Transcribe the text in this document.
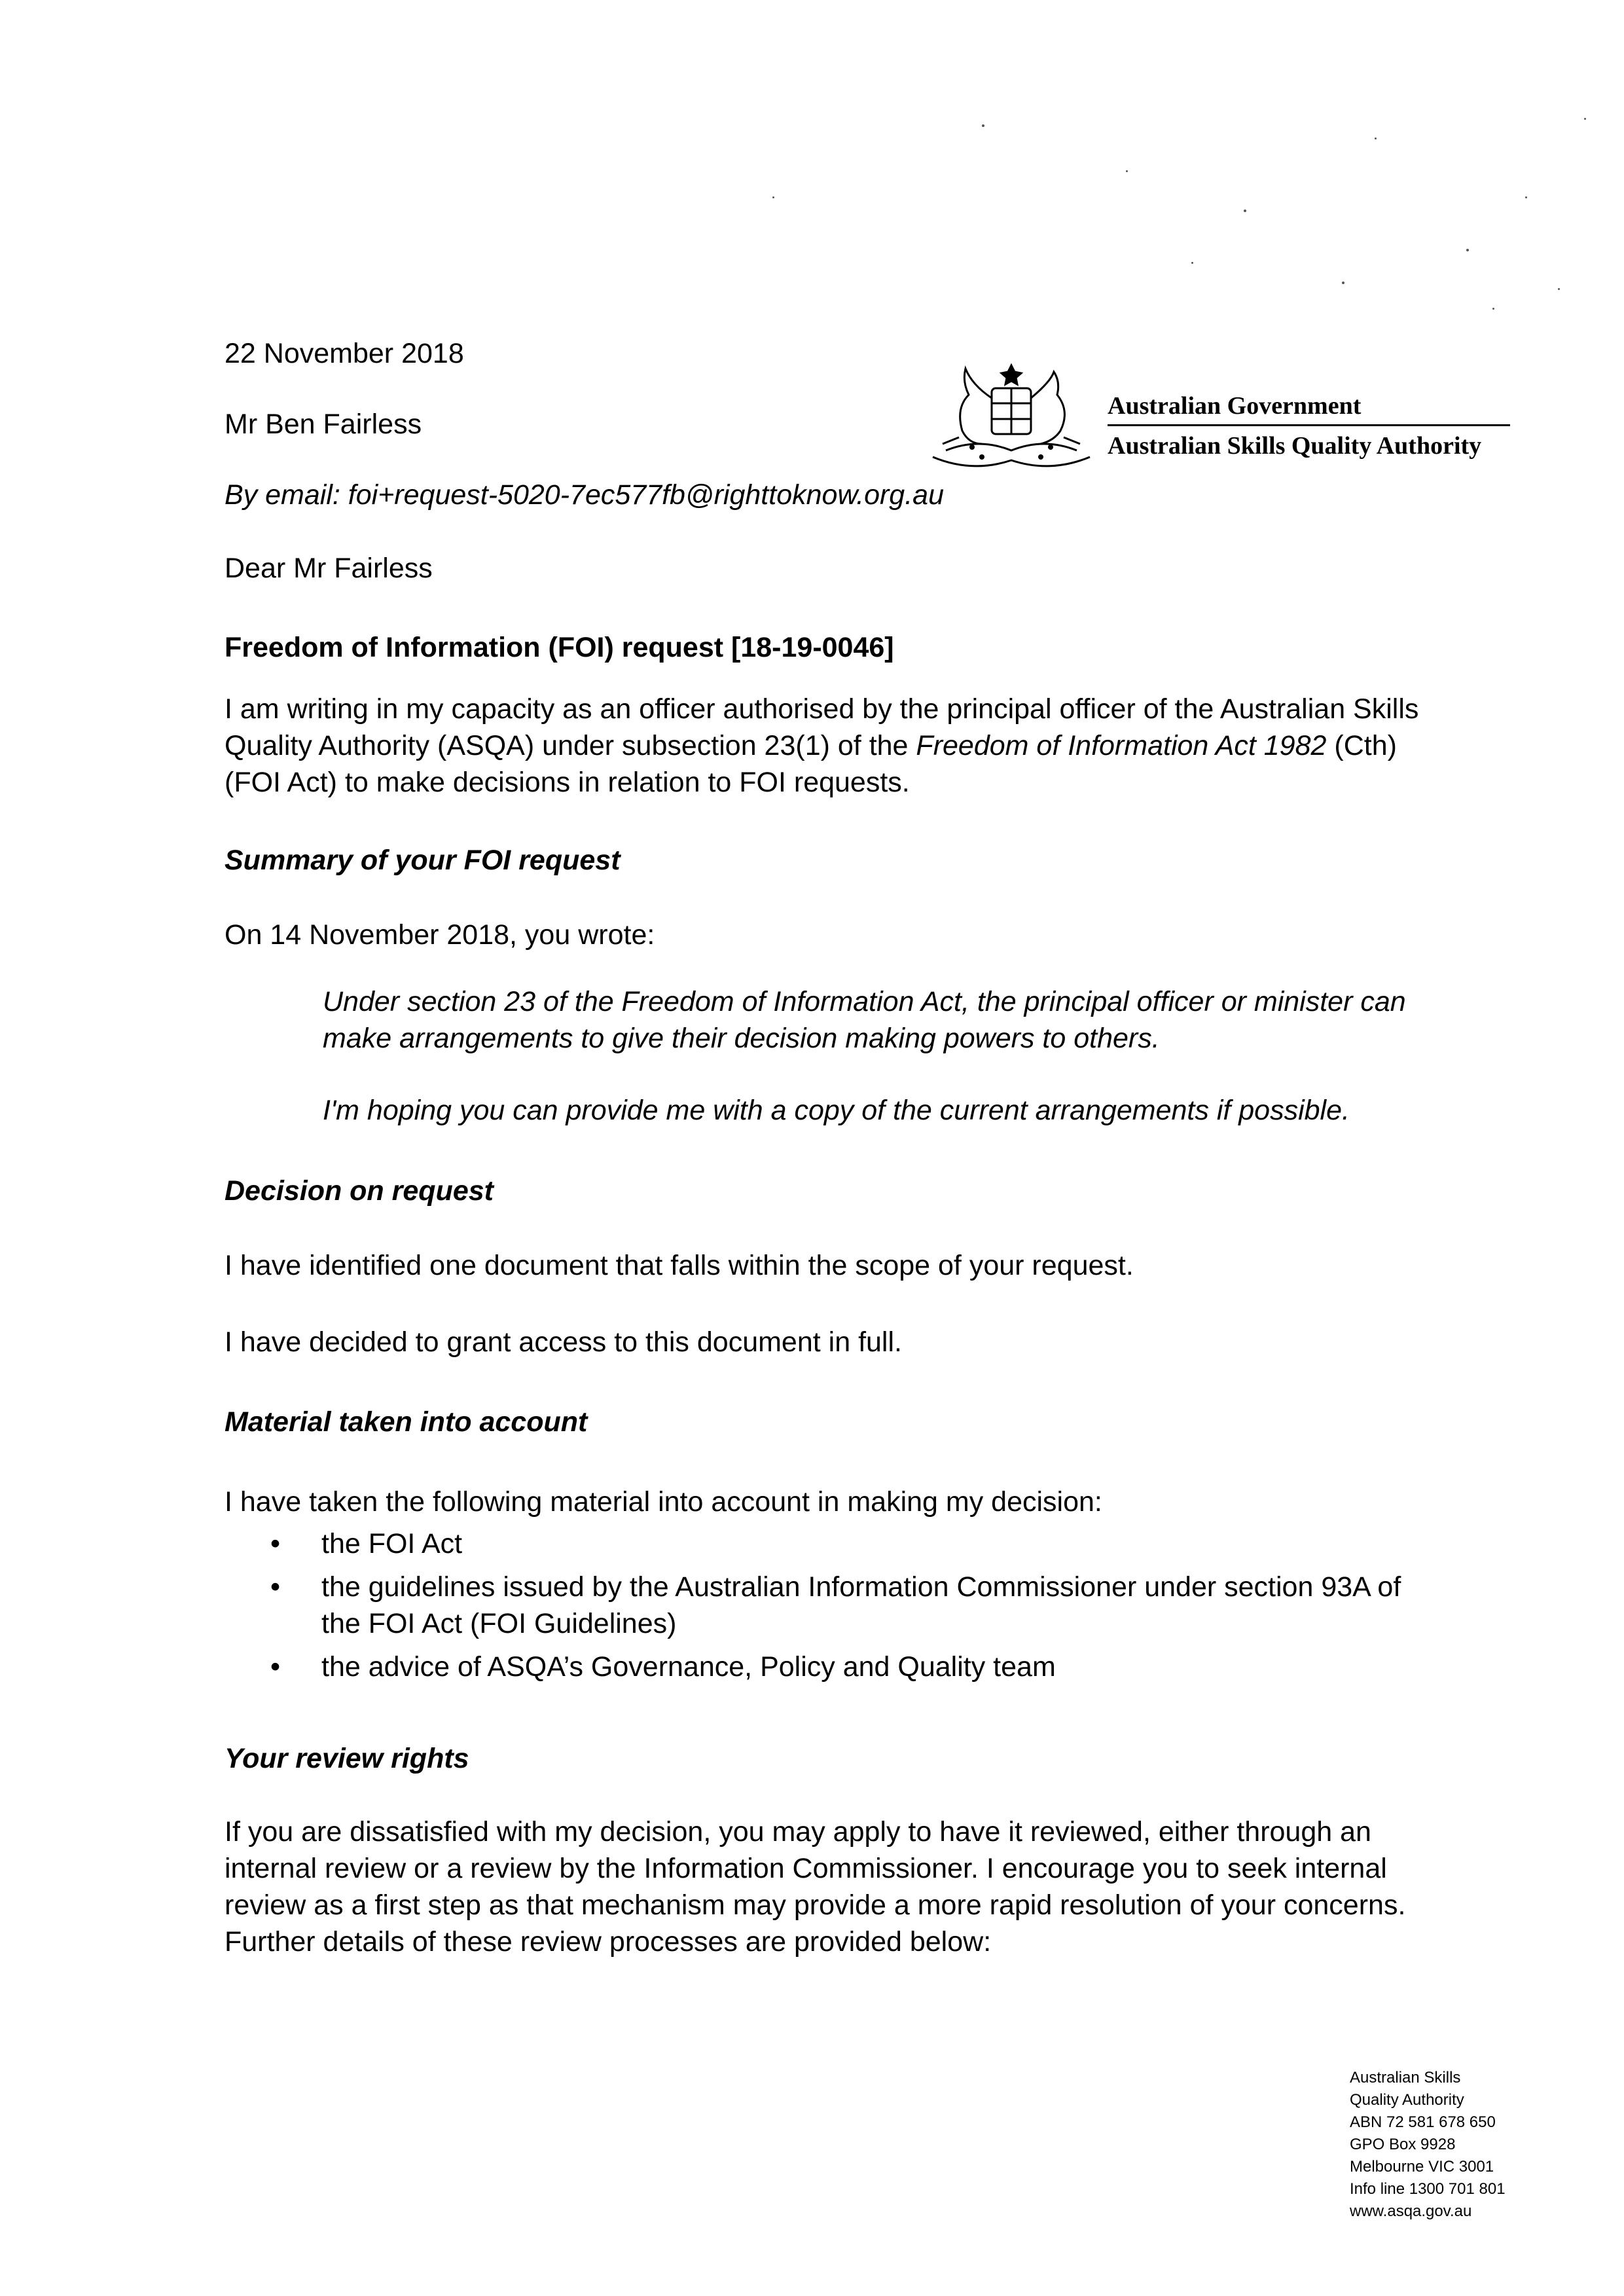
22 November 2018
Mr Ben Fairless
By email: foi+request-5020-7ec577fb@righttoknow.org.au
Australian Government
Australian Skills Quality Authority
Dear Mr Fairless
Freedom of Information (FOI) request [18-19-0046]

I am writing in my capacity as an officer authorised by the principal officer of the Australian Skills Quality Authority (ASQA) under subsection 23(1) of the Freedom of Information Act 1982 (Cth) (FOI Act) to make decisions in relation to FOI requests.

Summary of your FOI request
On 14 November 2018, you wrote:

Under section 23 of the Freedom of Information Act, the principal officer or minister can make arrangements to give their decision making powers to others.

I'm hoping you can provide me with a copy of the current arrangements if possible.

Decision on request
I have identified one document that falls within the scope of your request.
I have decided to grant access to this document in full.
Material taken into account
I have taken the following material into account in making my decision:
• the FOI Act
• the guidelines issued by the Australian Information Commissioner under section 93A of the FOI Act (FOI Guidelines)
• the advice of ASQA’s Governance, Policy and Quality team
Your review rights

If you are dissatisfied with my decision, you may apply to have it reviewed, either through an internal review or a review by the Information Commissioner. I encourage you to seek internal review as a first step as that mechanism may provide a more rapid resolution of your concerns. Further details of these review processes are provided below:

Australian Skills
Quality Authority
ABN 72 581 678 650
GPO Box 9928
Melbourne VIC 3001
Info line 1300 701 801
www.asqa.gov.au
